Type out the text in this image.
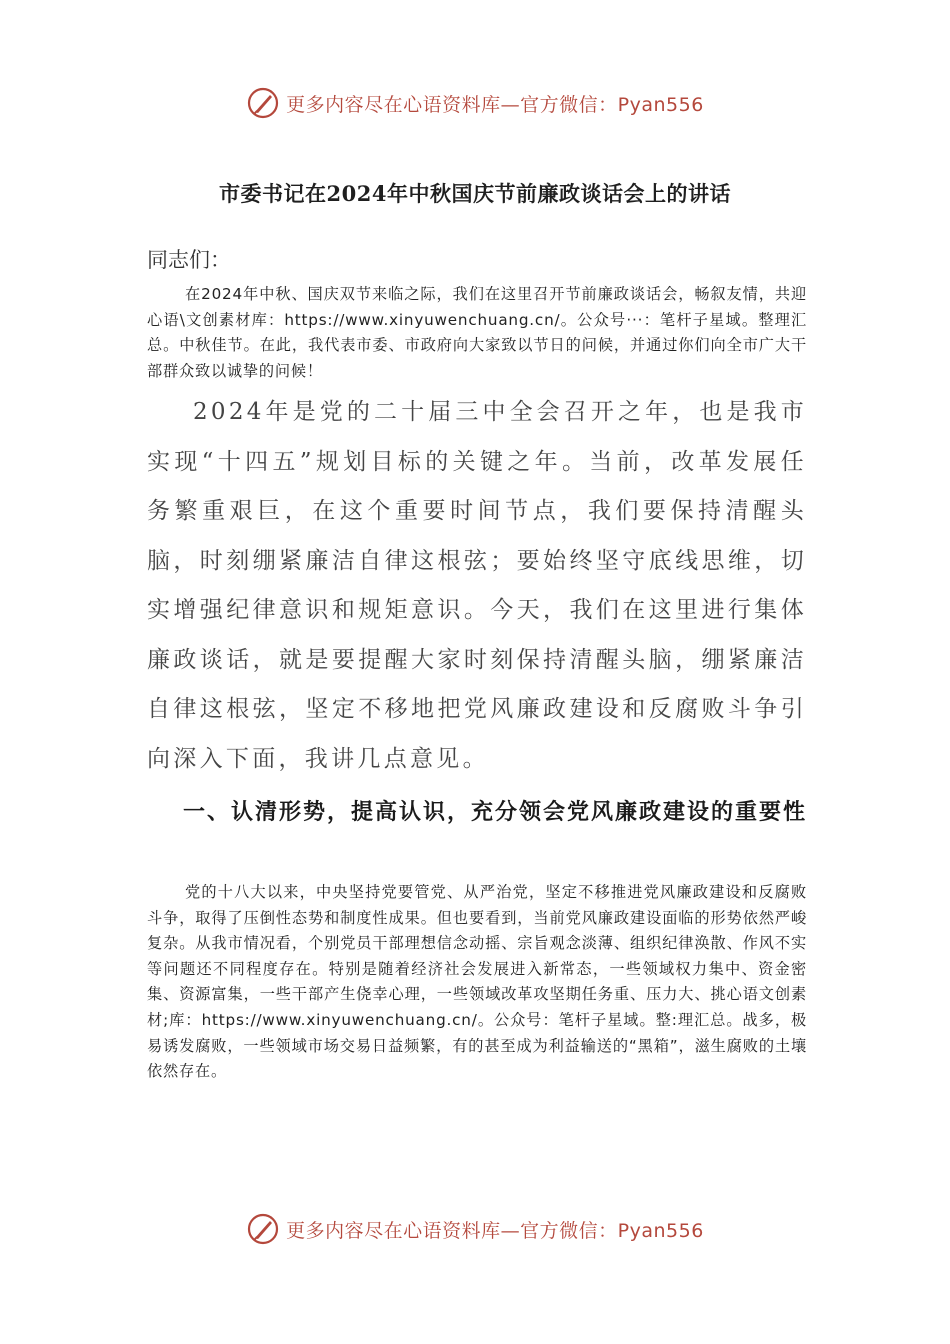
更多内容尽在心语资料库—官方微信：Pyan556
市委书记在2024年中秋国庆节前廉政谈话会上的讲话
同志们：
在2024年中秋、国庆双节来临之际，我们在这里召开节前廉政谈话会，畅叙友情，共迎心语\文创素材库：https://www.xinyuwenchuang.cn/。公众号···：笔杆子星域。整理汇总。中秋佳节。在此，我代表市委、市政府向大家致以节日的问候，并通过你们向全市广大干部群众致以诚挚的问候！
2024年是党的二十届三中全会召开之年，也是我市实现“十四五”规划目标的关键之年。当前，改革发展任务繁重艰巨，在这个重要时间节点，我们要保持清醒头脑，时刻绷紧廉洁自律这根弦；要始终坚守底线思维，切实增强纪律意识和规矩意识。今天，我们在这里进行集体廉政谈话，就是要提醒大家时刻保持清醒头脑，绷紧廉洁自律这根弦，坚定不移地把党风廉政建设和反腐败斗争引向深入下面，我讲几点意见。
一、认清形势，提高认识，充分领会党风廉政建设的重要性
党的十八大以来，中央坚持党要管党、从严治党，坚定不移推进党风廉政建设和反腐败斗争，取得了压倒性态势和制度性成果。但也要看到，当前党风廉政建设面临的形势依然严峻复杂。从我市情况看，个别党员干部理想信念动摇、宗旨观念淡薄、组织纪律涣散、作风不实等问题还不同程度存在。特别是随着经济社会发展进入新常态，一些领域权力集中、资金密集、资源富集，一些干部产生侥幸心理，一些领域改革攻坚期任务重、压力大、挑心语文创素材;库：https://www.xinyuwenchuang.cn/。公众号：笔杆子星域。整:理汇总。战多，极易诱发腐败，一些领域市场交易日益频繁，有的甚至成为利益输送的“黑箱”，滋生腐败的土壤依然存在。
更多内容尽在心语资料库—官方微信：Pyan556
